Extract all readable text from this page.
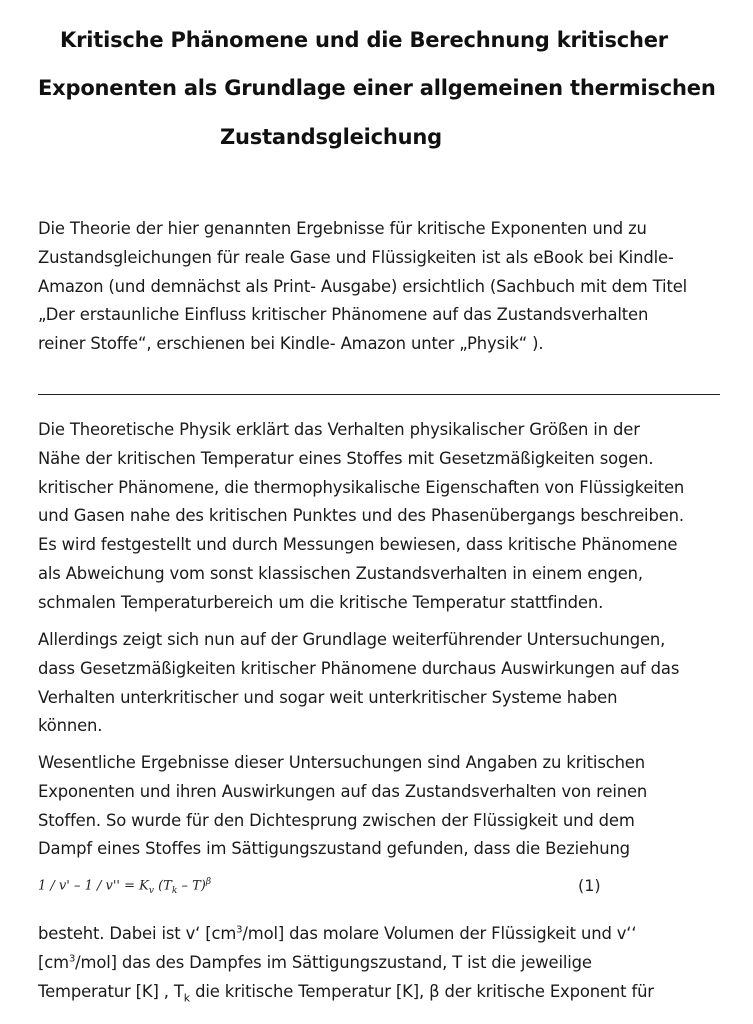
Kritische Phänomene und die Berechnung kritischer
Exponenten als Grundlage einer allgemeinen thermischen
Zustandsgleichung

Die Theorie der hier genannten Ergebnisse für kritische Exponenten und zu
Zustandsgleichungen für reale Gase und Flüssigkeiten ist als eBook bei Kindle-
Amazon (und demnächst als Print- Ausgabe) ersichtlich (Sachbuch mit dem Titel
„Der erstaunliche Einfluss kritischer Phänomene auf das Zustandsverhalten
reiner Stoffe“, erschienen bei Kindle- Amazon unter „Physik“ ).

Die Theoretische Physik erklärt das Verhalten physikalischer Größen in der
Nähe der kritischen Temperatur eines Stoffes mit Gesetzmäßigkeiten sogen.
kritischer Phänomene, die thermophysikalische Eigenschaften von Flüssigkeiten
und Gasen nahe des kritischen Punktes und des Phasenübergangs beschreiben.
Es wird festgestellt und durch Messungen bewiesen, dass kritische Phänomene
als Abweichung vom sonst klassischen Zustandsverhalten in einem engen,
schmalen Temperaturbereich um die kritische Temperatur stattfinden.

Allerdings zeigt sich nun auf der Grundlage weiterführender Untersuchungen,
dass Gesetzmäßigkeiten kritischer Phänomene durchaus Auswirkungen auf das
Verhalten unterkritischer und sogar weit unterkritischer Systeme haben
können.

Wesentliche Ergebnisse dieser Untersuchungen sind Angaben zu kritischen
Exponenten und ihren Auswirkungen auf das Zustandsverhalten von reinen
Stoffen. So wurde für den Dichtesprung zwischen der Flüssigkeit und dem
Dampf eines Stoffes im Sättigungszustand gefunden, dass die Beziehung

$1 / v' - 1 / v'' = K_v$ $(T_k - T)^\beta$	(1)

besteht. Dabei ist v‘ $[cm^3/mol]$ das molare Volumen der Flüssigkeit und v‘‘
$[cm^3/mol]$ das des Dampfes im Sättigungszustand, T ist die jeweilige
Temperatur [K] , $T_k$ die kritische Temperatur [K], β der kritische Exponent für
